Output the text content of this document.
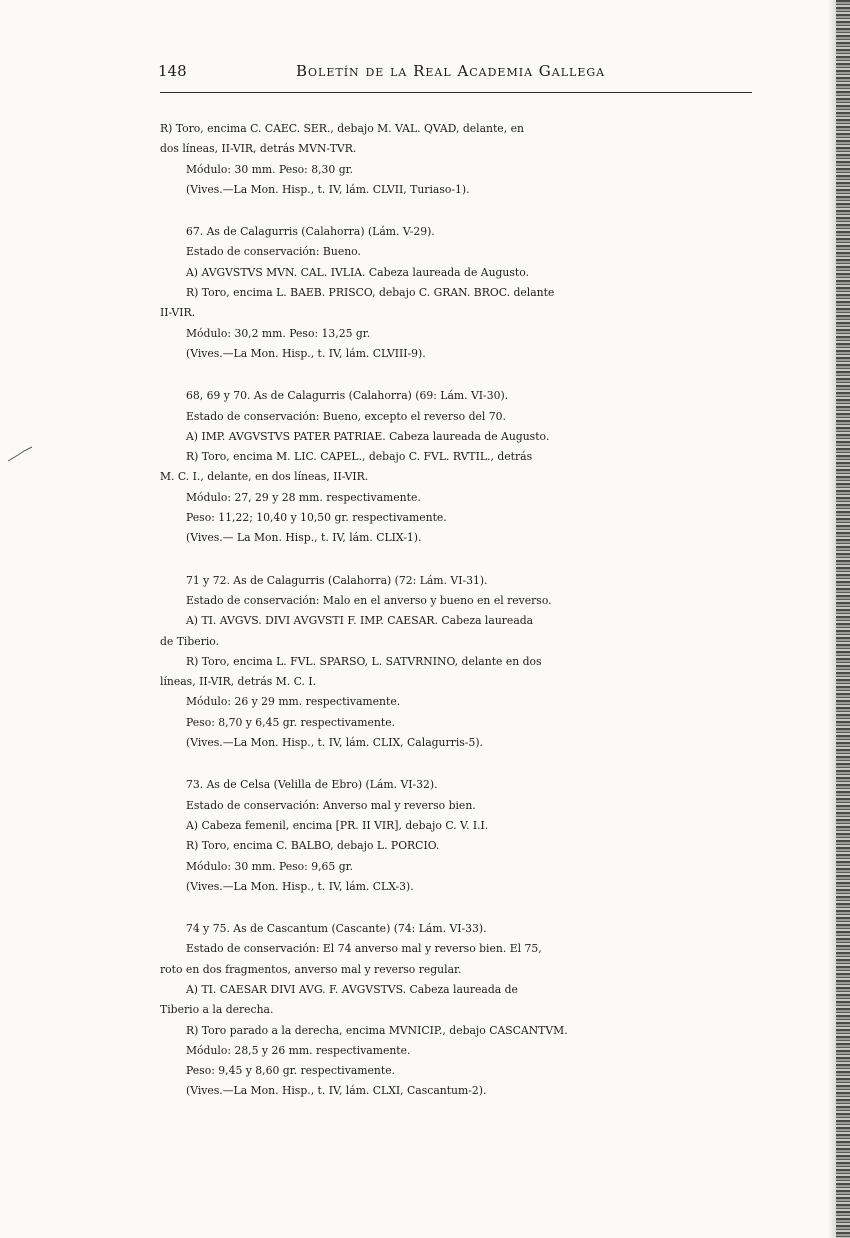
148	Boletín de la Real Academia Gallega
R) Toro, encima C. CAEC. SER., debajo M. VAL. QVAD, delante, en
dos líneas, II-VIR, detrás MVN-TVR.
Módulo: 30 mm. Peso: 8,30 gr.
(Vives.—La Mon. Hisp., t. IV, lám. CLVII, Turiaso-1).
67. As de Calagurris (Calahorra) (Lám. V-29).
Estado de conservación: Bueno.
A) AVGVSTVS MVN. CAL. IVLIA. Cabeza laureada de Augusto.
R) Toro, encima L. BAEB. PRISCO, debajo C. GRAN. BROC. delante
II-VIR.
Módulo: 30,2 mm. Peso: 13,25 gr.
(Vives.—La Mon. Hisp., t. IV, lám. CLVIII-9).
68, 69 y 70. As de Calagurris (Calahorra) (69: Lám. VI-30).
Estado de conservación: Bueno, excepto el reverso del 70.
A) IMP. AVGVSTVS PATER PATRIAE. Cabeza laureada de Augusto.
R) Toro, encima M. LIC. CAPEL., debajo C. FVL. RVTIL., detrás
M. C. I., delante, en dos líneas, II-VIR.
Módulo: 27, 29 y 28 mm. respectivamente.
Peso: 11,22; 10,40 y 10,50 gr. respectivamente.
(Vives.— La Mon. Hisp., t. IV, lám. CLIX-1).
71 y 72. As de Calagurris (Calahorra) (72: Lám. VI-31).
Estado de conservación: Malo en el anverso y bueno en el reverso.
A) TI. AVGVS. DIVI AVGVSTI F. IMP. CAESAR. Cabeza laureada
de Tiberio.
R) Toro, encima L. FVL. SPARSO, L. SATVRNINO, delante en dos
líneas, II-VIR, detrás M. C. I.
Módulo: 26 y 29 mm. respectivamente.
Peso: 8,70 y 6,45 gr. respectivamente.
(Vives.—La Mon. Hisp., t. IV, lám. CLIX, Calagurris-5).
73. As de Celsa (Velilla de Ebro) (Lám. VI-32).
Estado de conservación: Anverso mal y reverso bien.
A) Cabeza femenil, encima [PR. II VIR], debajo C. V. I.I.
R) Toro, encima C. BALBO, debajo L. PORCIO.
Módulo: 30 mm. Peso: 9,65 gr.
(Vives.—La Mon. Hisp., t. IV, lám. CLX-3).
74 y 75. As de Cascantum (Cascante) (74: Lám. VI-33).
Estado de conservación: El 74 anverso mal y reverso bien. El 75,
roto en dos fragmentos, anverso mal y reverso regular.
A) TI. CAESAR DIVI AVG. F. AVGVSTVS. Cabeza laureada de
Tiberio a la derecha.
R) Toro parado a la derecha, encima MVNICIP., debajo CASCANTVM.
Módulo: 28,5 y 26 mm. respectivamente.
Peso: 9,45 y 8,60 gr. respectivamente.
(Vives.—La Mon. Hisp., t. IV, lám. CLXI, Cascantum-2).
